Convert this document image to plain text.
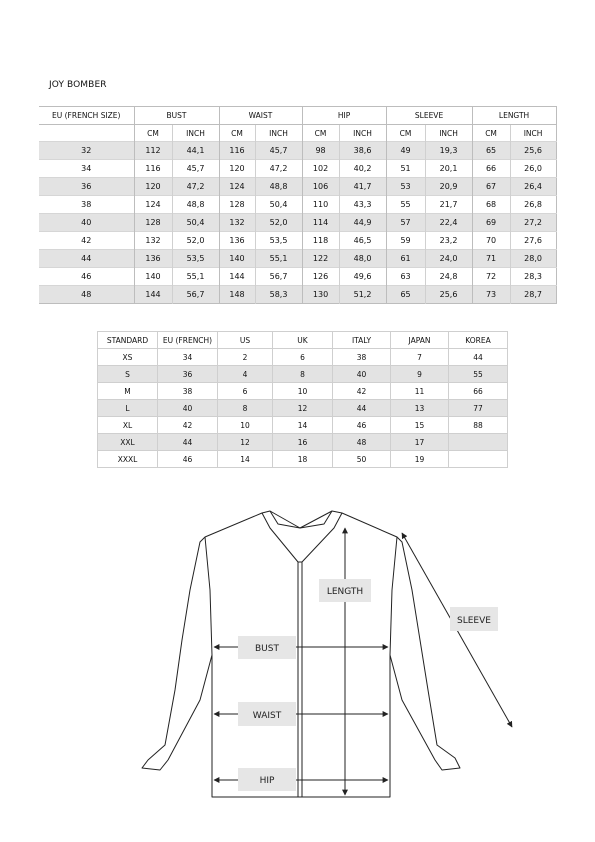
JOY BOMBER
EU (FRENCH SIZE)	BUST		WAIST		HIP		SLEEVE		LENGTH	
	CM	INCH	CM	INCH	CM	INCH	CM	INCH	CM	INCH
32	112	44,1	116	45,7	98	38,6	49	19,3	65	25,6
34	116	45,7	120	47,2	102	40,2	51	20,1	66	26,0
36	120	47,2	124	48,8	106	41,7	53	20,9	67	26,4
38	124	48,8	128	50,4	110	43,3	55	21,7	68	26,8
40	128	50,4	132	52,0	114	44,9	57	22,4	69	27,2
42	132	52,0	136	53,5	118	46,5	59	23,2	70	27,6
44	136	53,5	140	55,1	122	48,0	61	24,0	71	28,0
46	140	55,1	144	56,7	126	49,6	63	24,8	72	28,3
48	144	56,7	148	58,3	130	51,2	65	25,6	73	28,7
STANDARD	EU (FRENCH)	US	UK	ITALY	JAPAN	KOREA
XS	34	2	6	38	7	44
S	36	4	8	40	9	55
M	38	6	10	42	11	66
L	40	8	12	44	13	77
XL	42	10	14	46	15	88
XXL	44	12	16	48	17	
XXXL	46	14	18	50	19	
LENGTH
SLEEVE
BUST
WAIST
HIP
